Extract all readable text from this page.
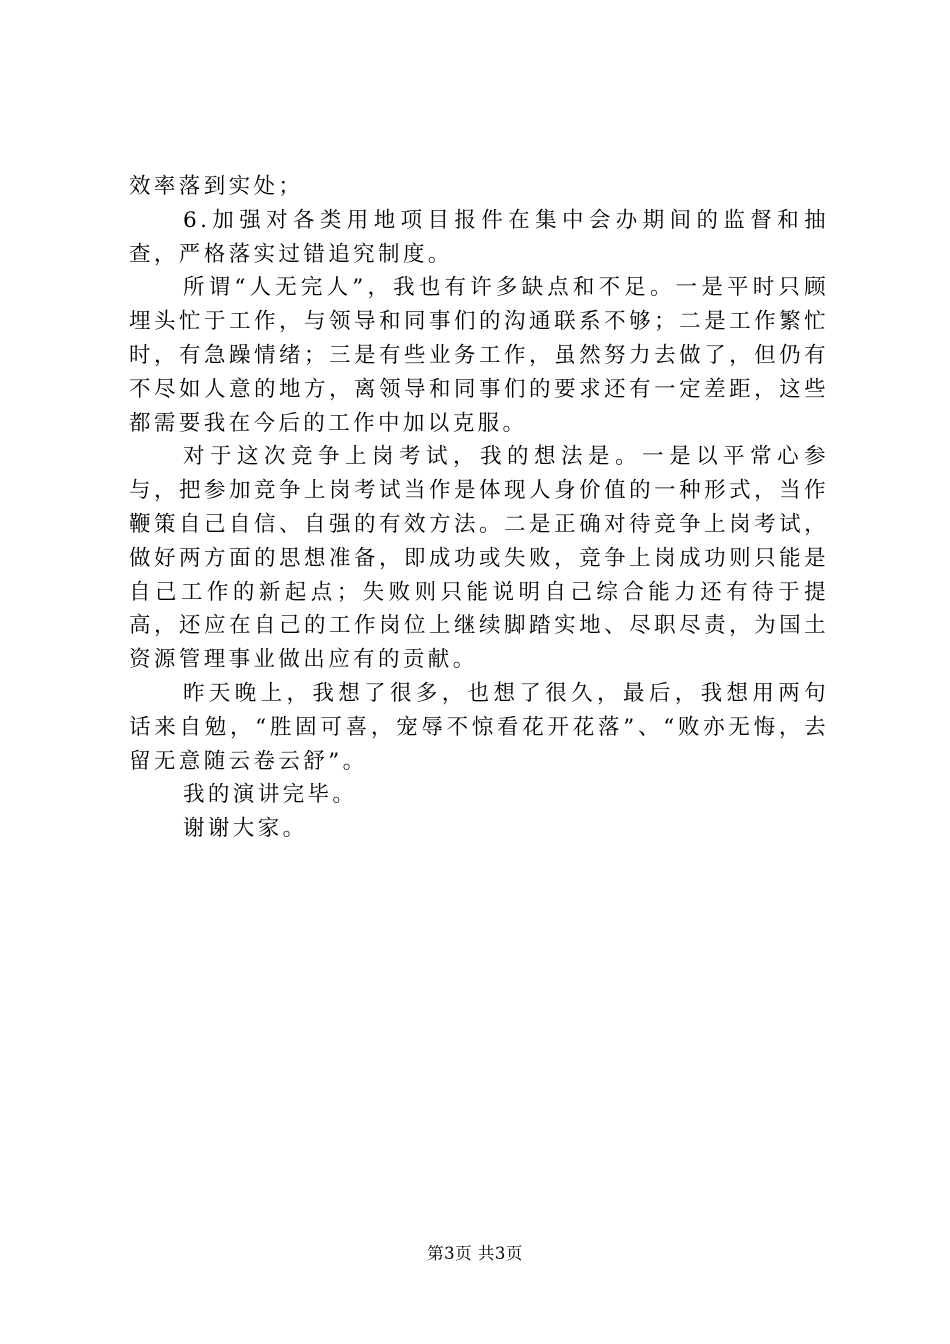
效率落到实处；

6.加强对各类用地项目报件在集中会办期间的监督和抽查，严格落实过错追究制度。

所谓“人无完人”，我也有许多缺点和不足。一是平时只顾埋头忙于工作，与领导和同事们的沟通联系不够；二是工作繁忙时，有急躁情绪；三是有些业务工作，虽然努力去做了，但仍有不尽如人意的地方，离领导和同事们的要求还有一定差距，这些都需要我在今后的工作中加以克服。

对于这次竞争上岗考试，我的想法是。一是以平常心参与，把参加竞争上岗考试当作是体现人身价值的一种形式，当作鞭策自己自信、自强的有效方法。二是正确对待竞争上岗考试，做好两方面的思想准备，即成功或失败，竞争上岗成功则只能是自己工作的新起点；失败则只能说明自己综合能力还有待于提高，还应在自己的工作岗位上继续脚踏实地、尽职尽责，为国土资源管理事业做出应有的贡献。

昨天晚上，我想了很多，也想了很久，最后，我想用两句话来自勉，“胜固可喜，宠辱不惊看花开花落”、“败亦无悔，去留无意随云卷云舒”。

我的演讲完毕。

谢谢大家。

第3页 共3页
